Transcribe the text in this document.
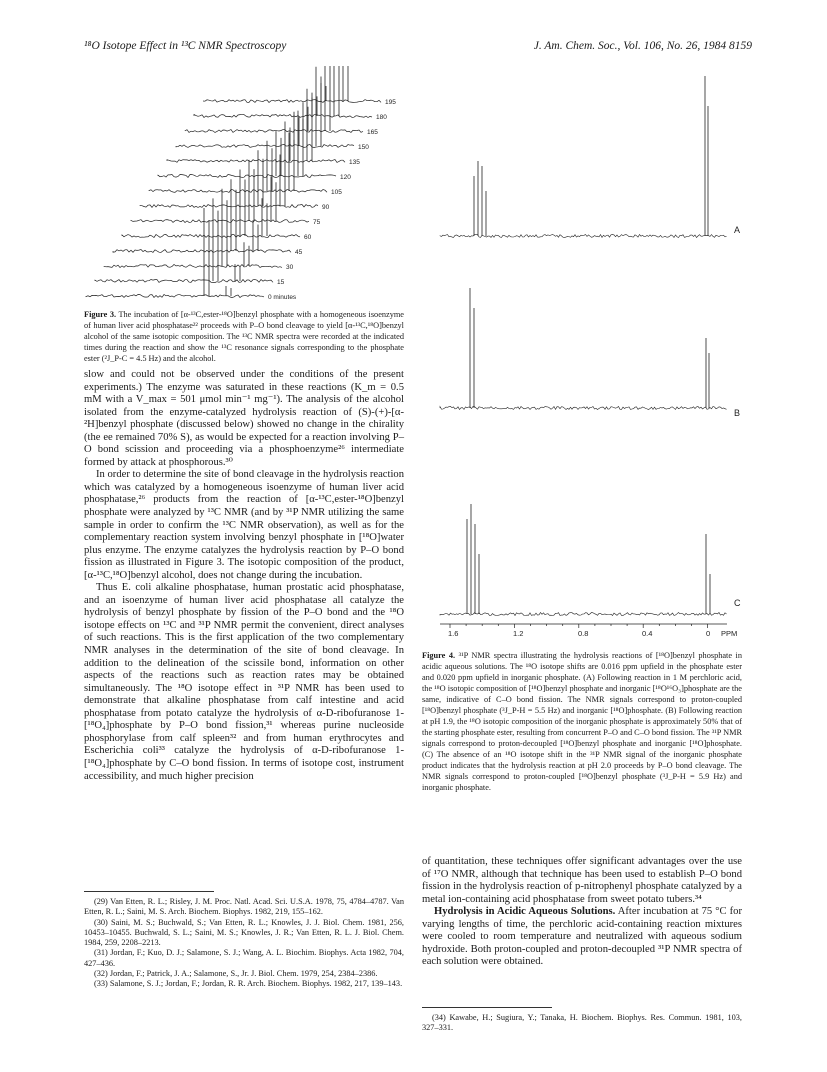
¹⁸O Isotope Effect in ¹³C NMR Spectroscopy	J. Am. Chem. Soc., Vol. 106, No. 26, 1984 8159
195
180
165
150
135
120
105
90
75
60
45
30
15
0 minutes
Figure 3. The incubation of [α-¹³C,ester-¹⁸O]benzyl phosphate with a homogeneous isoenzyme of human liver acid phosphatase²² proceeds with P–O bond cleavage to yield [α-¹³C,¹⁸O]benzyl alcohol of the same isotopic composition. The ¹³C NMR spectra were recorded at the indicated times during the reaction and show the ¹³C resonance signals corresponding to the phosphate ester (²J_P-C = 4.5 Hz) and the alcohol.

slow and could not be observed under the conditions of the present experiments.) The enzyme was saturated in these reactions (K_m = 0.5 mM with a V_max = 501 μmol min⁻¹ mg⁻¹). The analysis of the alcohol isolated from the enzyme-catalyzed hydrolysis reaction of (S)-(+)-[α-²H]benzyl phosphate (discussed below) showed no change in the chirality (the ee remained 70% S), as would be expected for a reaction involving P–O bond scission and proceeding via a phosphoenzyme²⁶ intermediate formed by attack at phosphorous.³⁰

In order to determine the site of bond cleavage in the hydrolysis reaction which was catalyzed by a homogeneous isoenzyme of human liver acid phosphatase,²⁶ products from the reaction of [α-¹³C,ester-¹⁸O]benzyl phosphate were analyzed by ¹³C NMR (and by ³¹P NMR utilizing the same sample in order to confirm the ¹³C NMR observation), as well as for the complementary reaction system involving benzyl phosphate in [¹⁸O]water plus enzyme. The enzyme catalyzes the hydrolysis reaction by P–O bond fission as illustrated in Figure 3. The isotopic composition of the product, [α-¹³C,¹⁸O]benzyl alcohol, does not change during the incubation.

Thus E. coli alkaline phosphatase, human prostatic acid phosphatase, and an isoenzyme of human liver acid phosphatase all catalyze the hydrolysis of benzyl phosphate by fission of the P–O bond and the ¹⁸O isotope effects on ¹³C and ³¹P NMR permit the convenient, direct analyses of such reactions. This is the first application of the two complementary NMR analyses in the determination of the site of bond cleavage. In addition to the delineation of the scissile bond, information on other aspects of the reactions such as reaction rates may be obtained simultaneously. The ¹⁸O isotope effect in ³¹P NMR has been used to demonstrate that alkaline phosphatase from calf intestine and acid phosphatase from potato catalyze the hydrolysis of α-D-ribofuranose 1-[¹⁸O₄]phosphate by P–O bond fission,³¹ whereas purine nucleoside phosphorylase from calf spleen³² and from human erythrocytes and Escherichia coli³³ catalyze the hydrolysis of α-D-ribofuranose 1-[¹⁸O₄]phosphate by C–O bond fission. In terms of isotope cost, instrument accessibility, and much higher precision

(29) Van Etten, R. L.; Risley, J. M. Proc. Natl. Acad. Sci. U.S.A. 1978, 75, 4784–4787. Van Etten, R. L.; Saini, M. S. Arch. Biochem. Biophys. 1982, 219, 155–162.

(30) Saini, M. S.; Buchwald, S.; Van Etten, R. L.; Knowles, J. J. Biol. Chem. 1981, 256, 10453–10455. Buchwald, S. L.; Saini, M. S.; Knowles, J. R.; Van Etten, R. L. J. Biol. Chem. 1984, 259, 2208–2213.

(31) Jordan, F.; Kuo, D. J.; Salamone, S. J.; Wang, A. L. Biochim. Biophys. Acta 1982, 704, 427–436.

(32) Jordan, F.; Patrick, J. A.; Salamone, S., Jr. J. Biol. Chem. 1979, 254, 2384–2386.

(33) Salamone, S. J.; Jordan, F.; Jordan, R. R. Arch. Biochem. Biophys. 1982, 217, 139–143.

A
B
C
1.6	1.2	0.8	0.4	0 PPM
Figure 4. ³¹P NMR spectra illustrating the hydrolysis reactions of [¹⁸O]benzyl phosphate in acidic aqueous solutions. The ¹⁸O isotope shifts are 0.016 ppm upfield in the phosphate ester and 0.020 ppm upfield in inorganic phosphate. (A) Following reaction in 1 M perchloric acid, the ¹⁸O isotopic composition of [¹⁸O]benzyl phosphate and inorganic [¹⁸O¹⁶O₃]phosphate are the same, indicative of C–O bond fission. The NMR signals correspond to proton-coupled [¹⁸O]benzyl phosphate (³J_P-H = 5.5 Hz) and inorganic [¹⁸O]phosphate. (B) Following reaction at pH 1.9, the ¹⁸O isotopic composition of the inorganic phosphate is approximately 50% that of the starting phosphate ester, resulting from concurrent P–O and C–O bond fission. The ³¹P NMR signals correspond to proton-decoupled [¹⁸O]benzyl phosphate and inorganic [¹⁸O]phosphate. (C) The absence of an ¹⁸O isotope shift in the ³¹P NMR signal of the inorganic phosphate product indicates that the hydrolysis reaction at pH 2.0 proceeds by P–O bond cleavage. The NMR signals correspond to proton-coupled [¹⁸O]benzyl phosphate (³J_P-H = 5.9 Hz) and inorganic phosphate.

of quantitation, these techniques offer significant advantages over the use of ¹⁷O NMR, although that technique has been used to establish P–O bond fission in the hydrolysis reaction of p-nitrophenyl phosphate catalyzed by a metal ion-containing acid phosphatase from sweet potato tubers.³⁴

Hydrolysis in Acidic Aqueous Solutions. After incubation at 75 °C for varying lengths of time, the perchloric acid-containing reaction mixtures were cooled to room temperature and neutralized with aqueous sodium hydroxide. Both proton-coupled and proton-decoupled ³¹P NMR spectra of each solution were obtained.

(34) Kawabe, H.; Sugiura, Y.; Tanaka, H. Biochem. Biophys. Res. Commun. 1981, 103, 327–331.
